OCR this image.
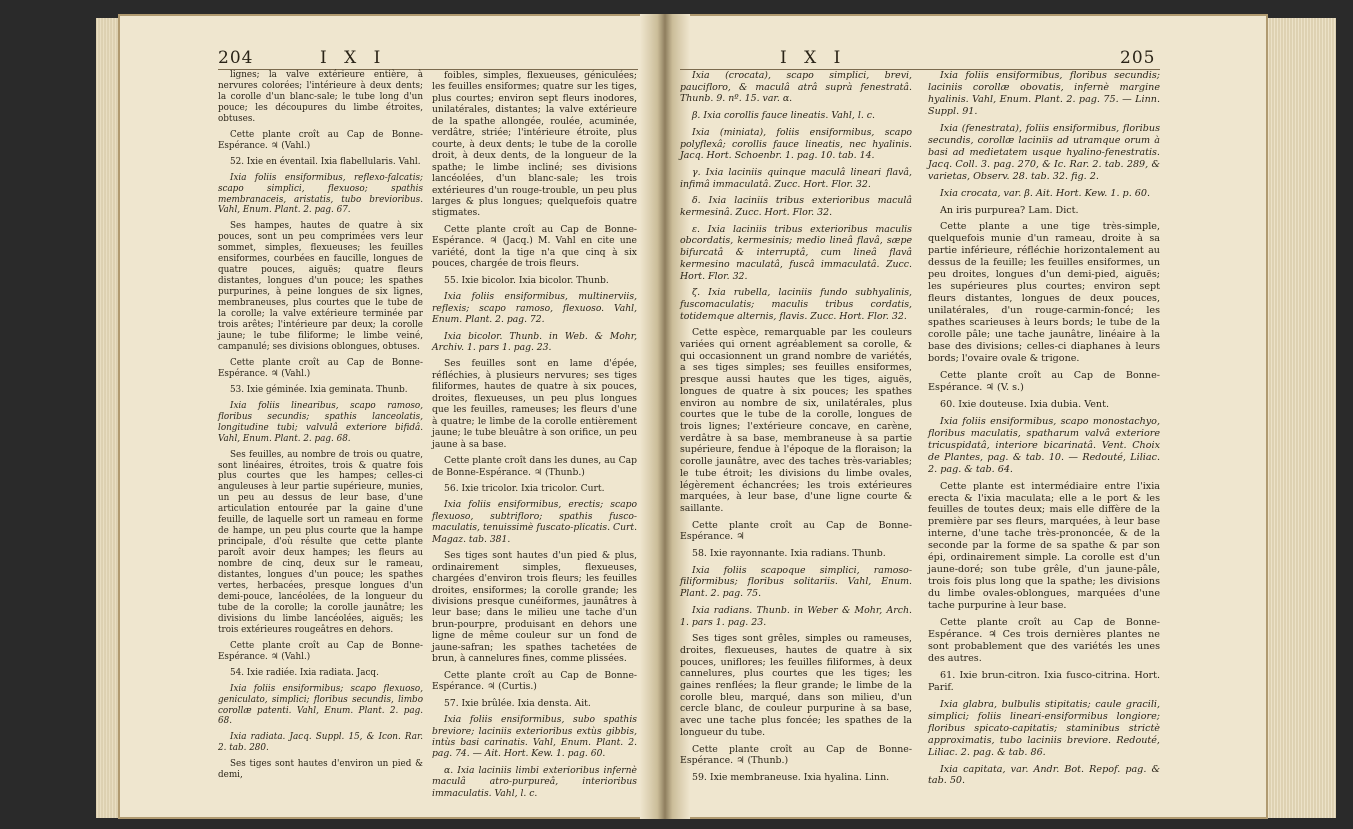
204	I X I

lignes; la valve extérieure entière, à nervures colorées; l'intérieure à deux dents; la corolle d'un blanc-sale; le tube long d'un pouce; les découpures du limbe étroites, obtuses.

Cette plante croît au Cap de Bonne-Espérance. ♃ (Vahl.)

52. Ixie en éventail. Ixia flabellularis. Vahl.

Ixia foliis ensiformibus, reflexo-falcatis; scapo simplici, flexuoso; spathis membranaceis, aristatis, tubo brevioribus. Vahl, Enum. Plant. 2. pag. 67.

Ses hampes, hautes de quatre à six pouces, sont un peu comprimées vers leur sommet, simples, flexueuses; les feuilles ensiformes, courbées en faucille, longues de quatre pouces, aiguës; quatre fleurs distantes, longues d'un pouce; les spathes purpurines, à peine longues de six lignes, membraneuses, plus courtes que le tube de la corolle; la valve extérieure terminée par trois arêtes; l'intérieure par deux; la corolle jaune; le tube filiforme; le limbe veiné, campanulé; ses divisions oblongues, obtuses.

Cette plante croît au Cap de Bonne-Espérance. ♃ (Vahl.)

53. Ixie géminée. Ixia geminata. Thunb.

Ixia foliis linearibus, scapo ramoso, floribus secundis; spathis lanceolatis, longitudine tubi; valvulâ exteriore bifidâ. Vahl, Enum. Plant. 2. pag. 68.

Ses feuilles, au nombre de trois ou quatre, sont linéaires, étroites, trois & quatre fois plus courtes que les hampes; celles-ci anguleuses à leur partie supérieure, munies, un peu au dessus de leur base, d'une articulation entourée par la gaine d'une feuille, de laquelle sort un rameau en forme de hampe, un peu plus courte que la hampe principale, d'où résulte que cette plante paroît avoir deux hampes; les fleurs au nombre de cinq, deux sur le rameau, distantes, longues d'un pouce; les spathes vertes, herbacées, presque longues d'un demi-pouce, lancéolées, de la longueur du tube de la corolle; la corolle jaunâtre; les divisions du limbe lancéolées, aiguës; les trois extérieures rougeâtres en dehors.

Cette plante croît au Cap de Bonne-Espérance. ♃ (Vahl.)

54. Ixie radiée. Ixia radiata. Jacq.

Ixia foliis ensiformibus; scapo flexuoso, geniculato, simplici; floribus secundis, limbo corollæ patenti. Vahl, Enum. Plant. 2. pag. 68.

Ixia radiata. Jacq. Suppl. 15, & Icon. Rar. 2. tab. 280.

Ses tiges sont hautes d'environ un pied & demi,

foibles, simples, flexueuses, géniculées; les feuilles ensiformes; quatre sur les tiges, plus courtes; environ sept fleurs inodores, unilatérales, distantes; la valve extérieure de la spathe allongée, roulée, acuminée, verdâtre, striée; l'intérieure étroite, plus courte, à deux dents; le tube de la corolle droit, à deux dents, de la longueur de la spathe; le limbe incliné; ses divisions lancéolées, d'un blanc-sale; les trois extérieures d'un rouge-trouble, un peu plus larges & plus longues; quelquefois quatre stigmates.

Cette plante croît au Cap de Bonne-Espérance. ♃ (Jacq.) M. Vahl en cite une variété, dont la tige n'a que cinq à six pouces, chargée de trois fleurs.

55. Ixie bicolor. Ixia bicolor. Thunb.

Ixia foliis ensiformibus, multinerviis, reflexis; scapo ramoso, flexuoso. Vahl, Enum. Plant. 2. pag. 72.

Ixia bicolor. Thunb. in Web. & Mohr, Archiv. 1. pars 1. pag. 23.

Ses feuilles sont en lame d'épée, réfléchies, à plusieurs nervures; ses tiges filiformes, hautes de quatre à six pouces, droites, flexueuses, un peu plus longues que les feuilles, rameuses; les fleurs d'une à quatre; le limbe de la corolle entièrement jaune; le tube bleuâtre à son orifice, un peu jaune à sa base.

Cette plante croît dans les dunes, au Cap de Bonne-Espérance. ♃ (Thunb.)

56. Ixie tricolor. Ixia tricolor. Curt.

Ixia foliis ensiformibus, erectis; scapo flexuoso, subtrifloro; spathis fusco-maculatis, tenuissimè fuscato-plicatis. Curt. Magaz. tab. 381.

Ses tiges sont hautes d'un pied & plus, ordinairement simples, flexueuses, chargées d'environ trois fleurs; les feuilles droites, ensiformes; la corolle grande; les divisions presque cunéiformes, jaunâtres à leur base; dans le milieu une tache d'un brun-pourpre, produisant en dehors une ligne de même couleur sur un fond de jaune-safran; les spathes tachetées de brun, à cannelures fines, comme plissées.

Cette plante croît au Cap de Bonne-Espérance. ♃ (Curtis.)

57. Ixie brûlée. Ixia densta. Ait.

Ixia foliis ensiformibus, subo spathis breviore; laciniis exterioribus extùs gibbis, intùs basi carinatis. Vahl, Enum. Plant. 2. pag. 74. — Ait. Hort. Kew. 1. pag. 60.

α. Ixia laciniis limbi exterioribus infernè maculâ atro-purpureâ, interioribus immaculatis. Vahl, l. c.

I X I	205

Ixia (crocata), scapo simplici, brevi, paucifloro, & maculâ atrâ suprà fenestratâ. Thunb. 9. nº. 15. var. α.

β. Ixia corollis fauce lineatis. Vahl, l. c.

Ixia (miniata), foliis ensiformibus, scapo polyflexâ; corollis fauce lineatis, nec hyalinis. Jacq. Hort. Schoenbr. 1. pag. 10. tab. 14.

γ. Ixia laciniis quinque maculâ lineari flavâ, infimâ immaculatâ. Zucc. Hort. Flor. 32.

δ. Ixia laciniis tribus exterioribus maculâ kermesinâ. Zucc. Hort. Flor. 32.

ε. Ixia laciniis tribus exterioribus maculis obcordatis, kermesinis; medio lineâ flavâ, sæpe bifurcatâ & interruptâ, cum lineâ flavâ kermesino maculatâ, fuscâ immaculatâ. Zucc. Hort. Flor. 32.

ζ. Ixia rubella, laciniis fundo subhyalinis, fuscomaculatis; maculis tribus cordatis, totidemque alternis, flavis. Zucc. Hort. Flor. 32.

Cette espèce, remarquable par les couleurs variées qui ornent agréablement sa corolle, & qui occasionnent un grand nombre de variétés, a ses tiges simples; ses feuilles ensiformes, presque aussi hautes que les tiges, aiguës, longues de quatre à six pouces; les spathes environ au nombre de six, unilatérales, plus courtes que le tube de la corolle, longues de trois lignes; l'extérieure concave, en carène, verdâtre à sa base, membraneuse à sa partie supérieure, fendue à l'époque de la floraison; la corolle jaunâtre, avec des taches très-variables; le tube étroit; les divisions du limbe ovales, légèrement échancrées; les trois extérieures marquées, à leur base, d'une ligne courte & saillante.

Cette plante croît au Cap de Bonne-Espérance. ♃

58. Ixie rayonnante. Ixia radians. Thunb.

Ixia foliis scapoque simplici, ramoso-filiformibus; floribus solitariis. Vahl, Enum. Plant. 2. pag. 75.

Ixia radians. Thunb. in Weber & Mohr, Arch. 1. pars 1. pag. 23.

Ses tiges sont grêles, simples ou rameuses, droites, flexueuses, hautes de quatre à six pouces, uniflores; les feuilles filiformes, à deux cannelures, plus courtes que les tiges; les gaines renflées; la fleur grande; le limbe de la corolle bleu, marqué, dans son milieu, d'un cercle blanc, de couleur purpurine à sa base, avec une tache plus foncée; les spathes de la longueur du tube.

Cette plante croît au Cap de Bonne-Espérance. ♃ (Thunb.)

59. Ixie membraneuse. Ixia hyalina. Linn.

Ixia foliis ensiformibus, floribus secundis; laciniis corollæ obovatis, infernè margine hyalinis. Vahl, Enum. Plant. 2. pag. 75. — Linn. Suppl. 91.

Ixia (fenestrata), foliis ensiformibus, floribus secundis, corollæ laciniis ad utramque orum à basi ad medietatem usque hyalino-fenestratis. Jacq. Coll. 3. pag. 270, & Ic. Rar. 2. tab. 289, & varietas, Observ. 28. tab. 32. fig. 2.

Ixia crocata, var. β. Ait. Hort. Kew. 1. p. 60.

An iris purpurea? Lam. Dict.

Cette plante a une tige très-simple, quelquefois munie d'un rameau, droite à sa partie inférieure, réfléchie horizontalement au dessus de la feuille; les feuilles ensiformes, un peu droites, longues d'un demi-pied, aiguës; les supérieures plus courtes; environ sept fleurs distantes, longues de deux pouces, unilatérales, d'un rouge-carmin-foncé; les spathes scarieuses à leurs bords; le tube de la corolle pâle; une tache jaunâtre, linéaire à la base des divisions; celles-ci diaphanes à leurs bords; l'ovaire ovale & trigone.

Cette plante croît au Cap de Bonne-Espérance. ♃ (V. s.)

60. Ixie douteuse. Ixia dubia. Vent.

Ixia foliis ensiformibus, scapo monostachyo, floribus maculatis, spatharum valvâ exteriore tricuspidatâ, interiore bicarinatâ. Vent. Choix de Plantes, pag. & tab. 10. — Redouté, Liliac. 2. pag. & tab. 64.

Cette plante est intermédiaire entre l'ixia erecta & l'ixia maculata; elle a le port & les feuilles de toutes deux; mais elle diffère de la première par ses fleurs, marquées, à leur base interne, d'une tache très-prononcée, & de la seconde par la forme de sa spathe & par son épi, ordinairement simple. La corolle est d'un jaune-doré; son tube grêle, d'un jaune-pâle, trois fois plus long que la spathe; les divisions du limbe ovales-oblongues, marquées d'une tache purpurine à leur base.

Cette plante croît au Cap de Bonne-Espérance. ♃ Ces trois dernières plantes ne sont probablement que des variétés les unes des autres.

61. Ixie brun-citron. Ixia fusco-citrina. Hort. Parif.

Ixia glabra, bulbulis stipitatis; caule gracili, simplici; foliis lineari-ensiformibus longiore; floribus spicato-capitatis; staminibus strictè approximatis, tubo laciniis breviore. Redouté, Liliac. 2. pag. & tab. 86.

Ixia capitata, var. Andr. Bot. Repof. pag. & tab. 50.
